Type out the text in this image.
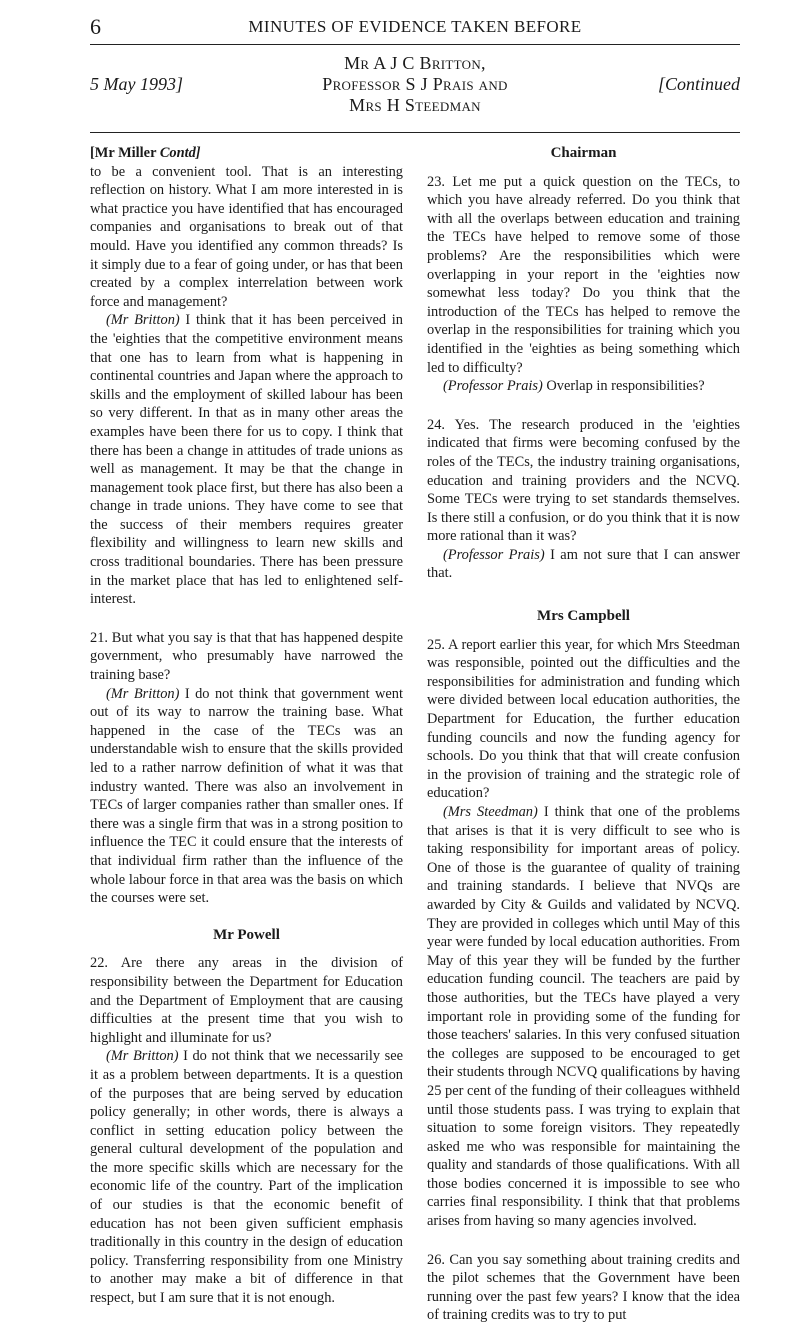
6	MINUTES OF EVIDENCE TAKEN BEFORE
Mr A J C Britton,
Professor S J Prais and
Mrs H Steedman
5 May 1993]	[Continued
[Mr Miller Contd]

to be a convenient tool. That is an interesting reflection on history. What I am more interested in is what practice you have identified that has encouraged companies and organisations to break out of that mould. Have you identified any common threads? Is it simply due to a fear of going under, or has that been created by a complex interrelation between work force and management?

(Mr Britton) I think that it has been perceived in the 'eighties that the competitive environment means that one has to learn from what is happening in continental countries and Japan where the approach to skills and the employment of skilled labour has been so very different. In that as in many other areas the examples have been there for us to copy. I think that there has been a change in attitudes of trade unions as well as management. It may be that the change in management took place first, but there has also been a change in trade unions. They have come to see that the success of their members requires greater flexibility and willingness to learn new skills and cross traditional boundaries. There has been pressure in the market place that has led to enlightened self-interest.

21. But what you say is that that has happened despite government, who presumably have narrowed the training base?

(Mr Britton) I do not think that government went out of its way to narrow the training base. What happened in the case of the TECs was an understandable wish to ensure that the skills provided led to a rather narrow definition of what it was that industry wanted. There was also an involvement in TECs of larger companies rather than smaller ones. If there was a single firm that was in a strong position to influence the TEC it could ensure that the interests of that individual firm rather than the influence of the whole labour force in that area was the basis on which the courses were set.

Mr Powell

22. Are there any areas in the division of responsibility between the Department for Education and the Department of Employment that are causing difficulties at the present time that you wish to highlight and illuminate for us?

(Mr Britton) I do not think that we necessarily see it as a problem between departments. It is a question of the purposes that are being served by education policy generally; in other words, there is always a conflict in setting education policy between the general cultural development of the population and the more specific skills which are necessary for the economic life of the country. Part of the implication of our studies is that the economic benefit of education has not been given sufficient emphasis traditionally in this country in the design of education policy. Transferring responsibility from one Ministry to another may make a bit of difference in that respect, but I am sure that it is not enough.

Chairman

23. Let me put a quick question on the TECs, to which you have already referred. Do you think that with all the overlaps between education and training the TECs have helped to remove some of those problems? Are the responsibilities which were overlapping in your report in the 'eighties now somewhat less today? Do you think that the introduction of the TECs has helped to remove the overlap in the responsibilities for training which you identified in the 'eighties as being something which led to difficulty?

(Professor Prais) Overlap in responsibilities?

24. Yes. The research produced in the 'eighties indicated that firms were becoming confused by the roles of the TECs, the industry training organisations, education and training providers and the NCVQ. Some TECs were trying to set standards themselves. Is there still a confusion, or do you think that it is now more rational than it was?

(Professor Prais) I am not sure that I can answer that.

Mrs Campbell

25. A report earlier this year, for which Mrs Steedman was responsible, pointed out the difficulties and the responsibilities for administration and funding which were divided between local education authorities, the Department for Education, the further education funding councils and now the funding agency for schools. Do you think that that will create confusion in the provision of training and the strategic role of education?

(Mrs Steedman) I think that one of the problems that arises is that it is very difficult to see who is taking responsibility for important areas of policy. One of those is the guarantee of quality of training and training standards. I believe that NVQs are awarded by City & Guilds and validated by NCVQ. They are provided in colleges which until May of this year were funded by local education authorities. From May of this year they will be funded by the further education funding council. The teachers are paid by those authorities, but the TECs have played a very important role in providing some of the funding for those teachers' salaries. In this very confused situation the colleges are supposed to be encouraged to get their students through NCVQ qualifications by having 25 per cent of the funding of their colleagues withheld until those students pass. I was trying to explain that situation to some foreign visitors. They repeatedly asked me who was responsible for maintaining the quality and standards of those qualifications. With all those bodies concerned it is impossible to see who carries final responsibility. I think that that problems arises from having so many agencies involved.

26. Can you say something about training credits and the pilot schemes that the Government have been running over the past few years? I know that the idea of training credits was to try to put
